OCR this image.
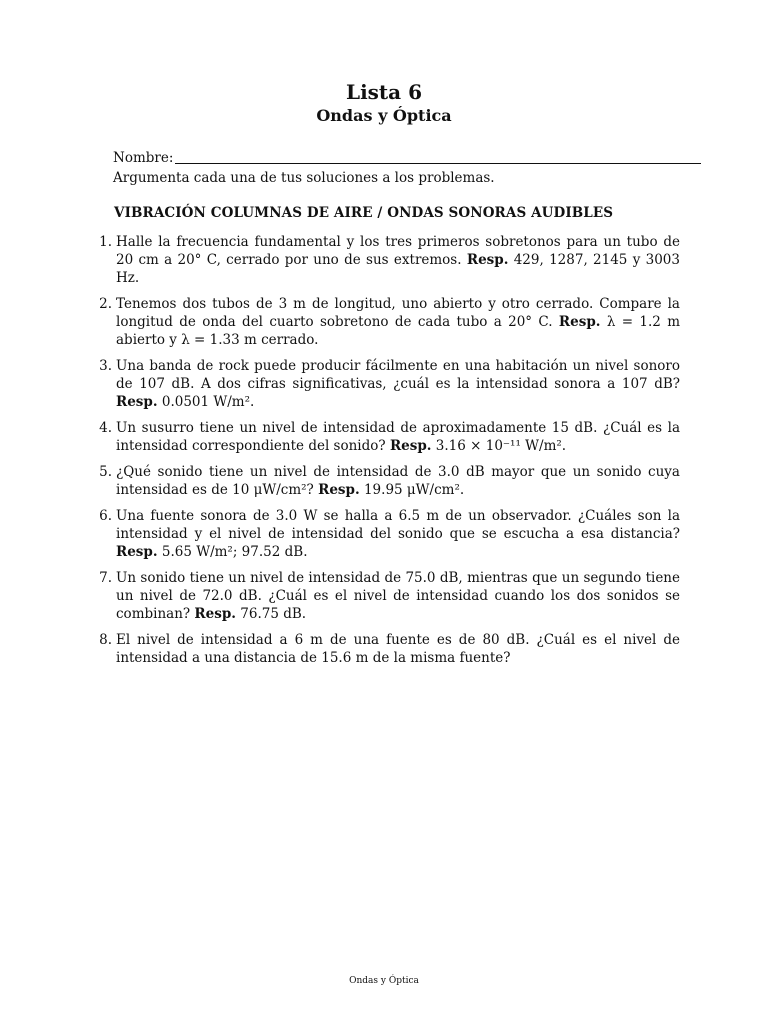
Lista 6
Ondas y Óptica
Nombre:
Argumenta cada una de tus soluciones a los problemas.
VIBRACIÓN COLUMNAS DE AIRE / ONDAS SONORAS AUDIBLES
1. Halle la frecuencia fundamental y los tres primeros sobretonos para un tubo de 20 cm a 20° C, cerrado por uno de sus extremos. Resp. 429, 1287, 2145 y 3003 Hz.
2. Tenemos dos tubos de 3 m de longitud, uno abierto y otro cerrado. Compare la longitud de onda del cuarto sobretono de cada tubo a 20° C. Resp. λ = 1.2 m abierto y λ = 1.33 m cerrado.
3. Una banda de rock puede producir fácilmente en una habitación un nivel sonoro de 107 dB. A dos cifras significativas, ¿cuál es la intensidad sonora a 107 dB? Resp. 0.0501 W/m².
4. Un susurro tiene un nivel de intensidad de aproximadamente 15 dB. ¿Cuál es la intensidad correspondiente del sonido? Resp. 3.16 × 10⁻¹¹ W/m².
5. ¿Qué sonido tiene un nivel de intensidad de 3.0 dB mayor que un sonido cuya intensidad es de 10 μW/cm²? Resp. 19.95 μW/cm².
6. Una fuente sonora de 3.0 W se halla a 6.5 m de un observador. ¿Cuáles son la intensidad y el nivel de intensidad del sonido que se escucha a esa distancia? Resp. 5.65 W/m²; 97.52 dB.
7. Un sonido tiene un nivel de intensidad de 75.0 dB, mientras que un segundo tiene un nivel de 72.0 dB. ¿Cuál es el nivel de intensidad cuando los dos sonidos se combinan? Resp. 76.75 dB.
8. El nivel de intensidad a 6 m de una fuente es de 80 dB. ¿Cuál es el nivel de intensidad a una distancia de 15.6 m de la misma fuente?
Ondas y Óptica
